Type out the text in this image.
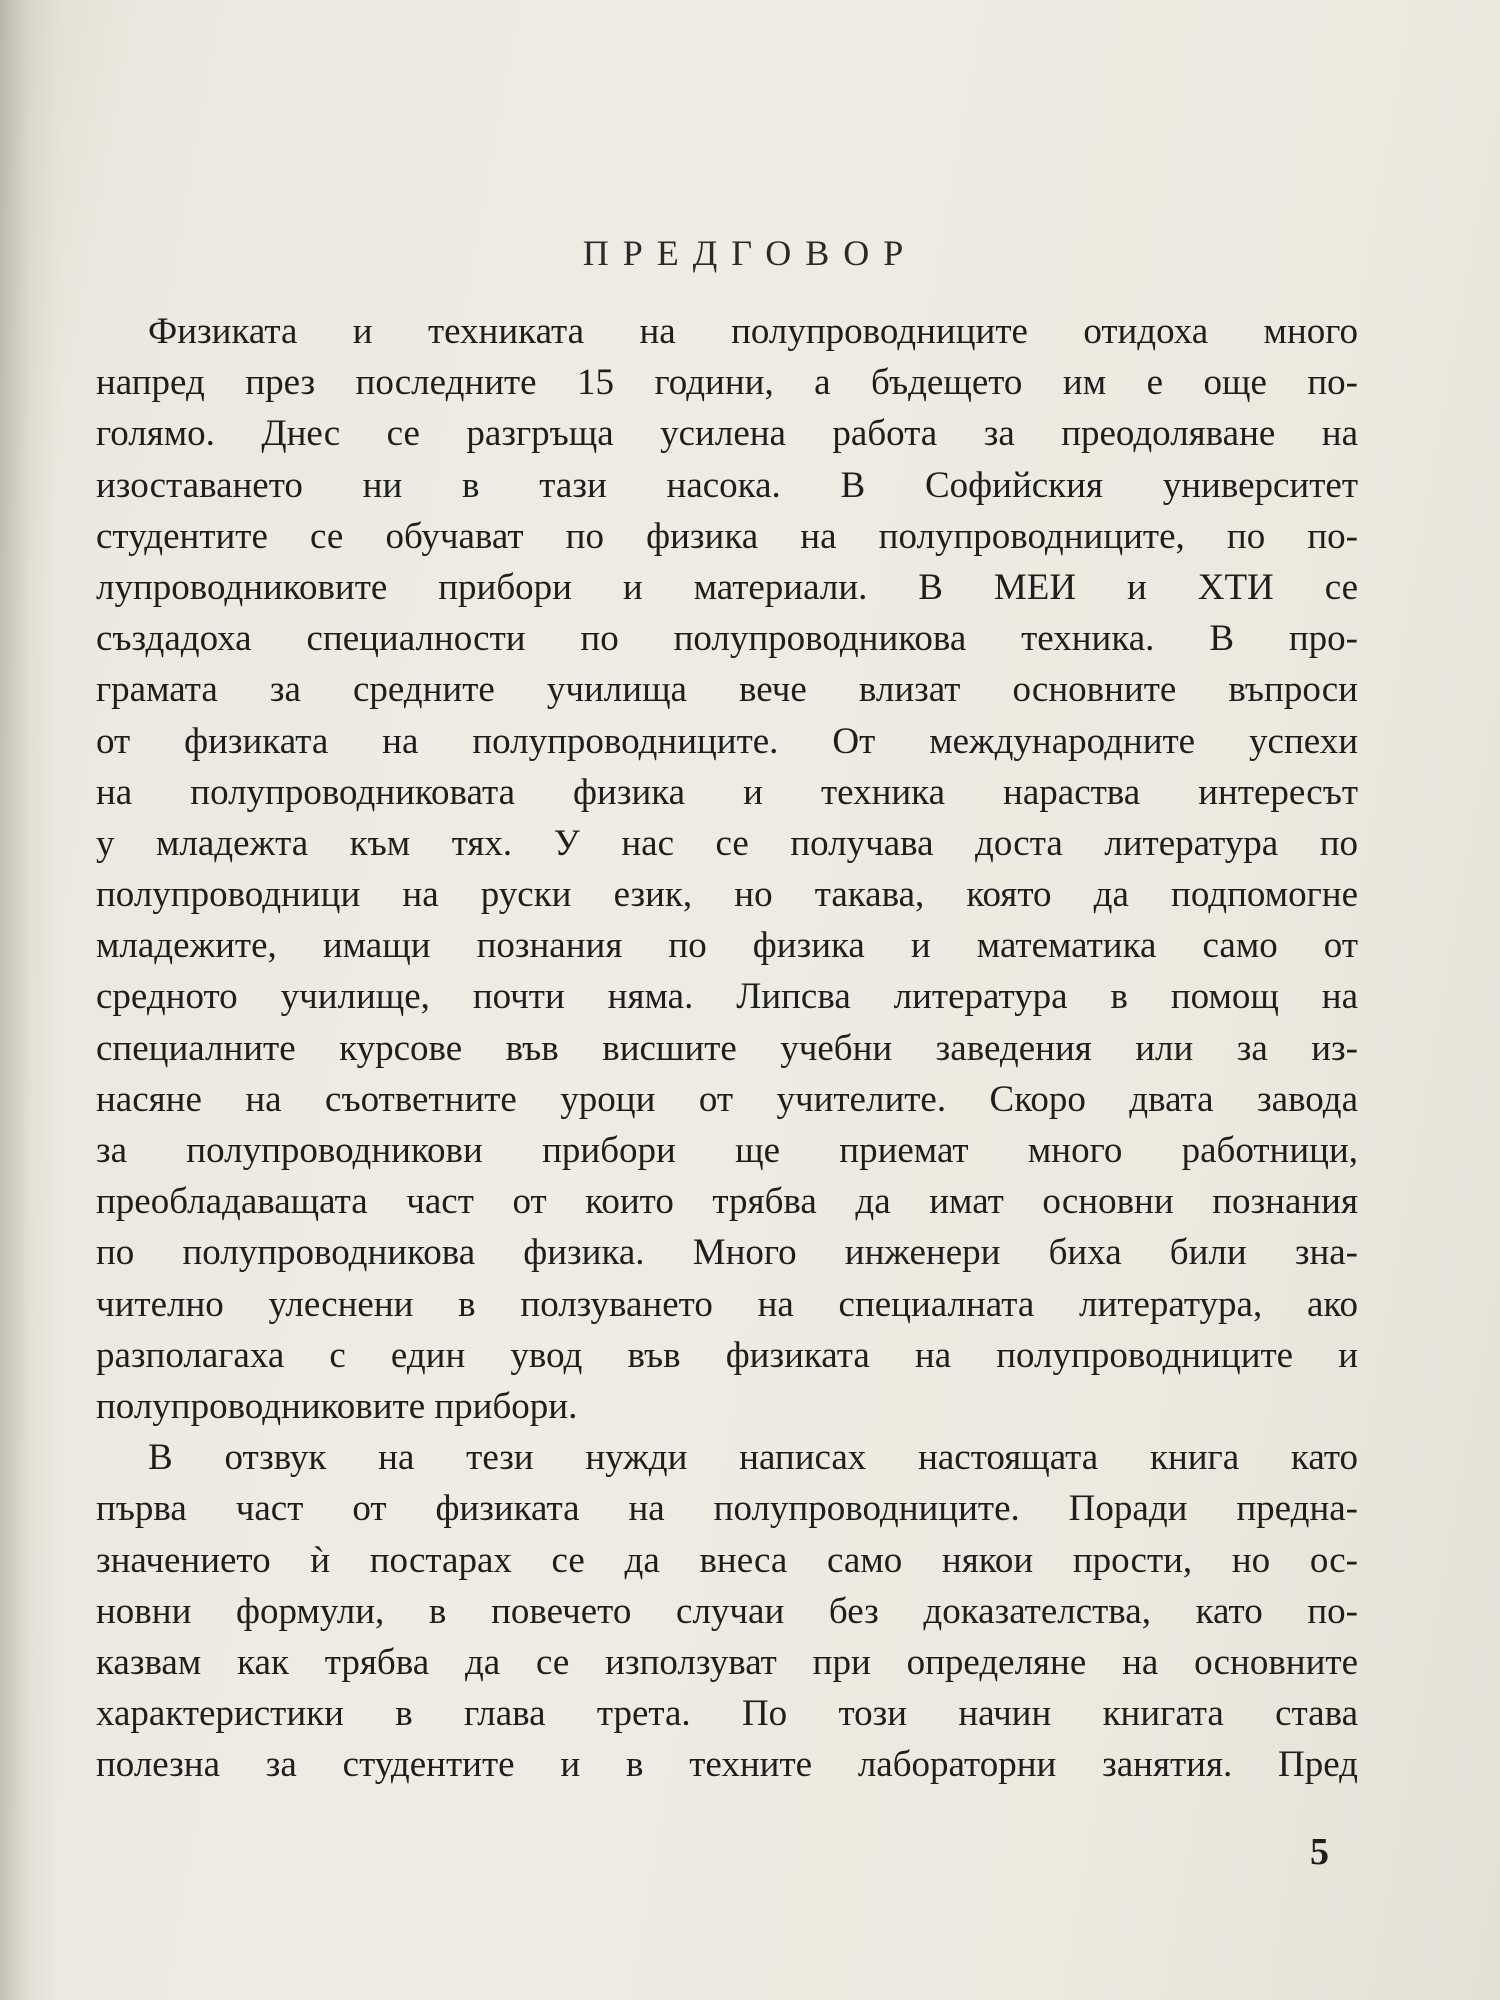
ПРЕДГОВОР
Физиката и техниката на полупроводниците отидоха много
напред през последните 15 години, а бъдещето им е още по-
голямо. Днес се разгръща усилена работа за преодоляване на
изоставането ни в тази насока. В Софийския университет
студентите се обучават по физика на полупроводниците, по по-
лупроводниковите прибори и материали. В МЕИ и ХТИ се
създадоха специалности по полупроводникова техника. В про-
грамата за средните училища вече влизат основните въпроси
от физиката на полупроводниците. От международните успехи
на полупроводниковата физика и техника нараства интересът
у младежта към тях. У нас се получава доста литература по
полупроводници на руски език, но такава, която да подпомогне
младежите, имащи познания по физика и математика само от
средното училище, почти няма. Липсва литература в помощ на
специалните курсове във висшите учебни заведения или за из-
насяне на съответните уроци от учителите. Скоро двата завода
за полупроводникови прибори ще приемат много работници,
преобладаващата част от които трябва да имат основни познания
по полупроводникова физика. Много инженери биха били зна-
чително улеснени в ползуването на специалната литература, ако
разполагаха с един увод във физиката на полупроводниците и
полупроводниковите прибори.
В отзвук на тези нужди написах настоящата книга като
първа част от физиката на полупроводниците. Поради предна-
значението ѝ постарах се да внеса само някои прости, но ос-
новни формули, в повечето случаи без доказателства, като по-
казвам как трябва да се използуват при определяне на основните
характеристики в глава трета. По този начин книгата става
полезна за студентите и в техните лабораторни занятия. Пред
5
